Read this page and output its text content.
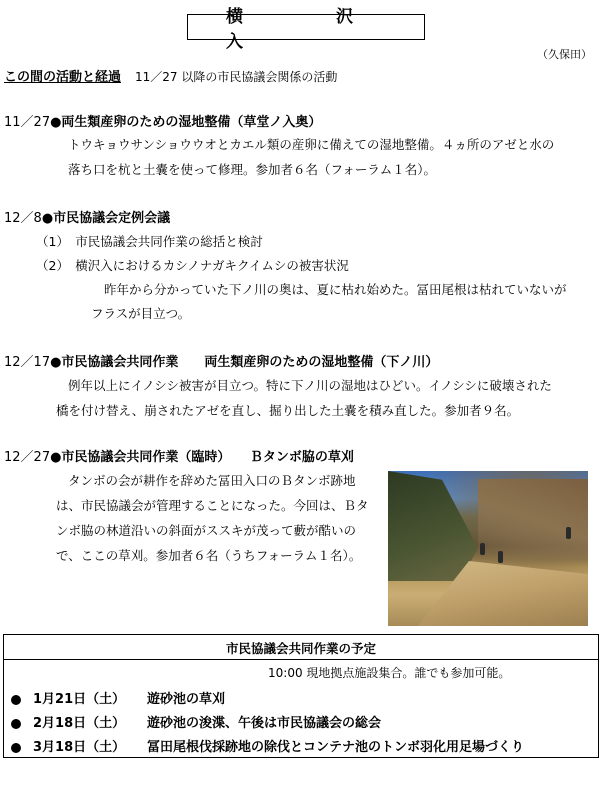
横　沢　入
（久保田）
この間の活動と経過 11／27 以降の市民協議会関係の活動
11／27●両生類産卵のための湿地整備（草堂ノ入奥）
トウキョウサンショウウオとカエル類の産卵に備えての湿地整備。４ヵ所のアゼと水の
落ち口を杭と土嚢を使って修理。参加者６名（フォーラム１名）。
12／8●市民協議会定例会議
（1）　市民協議会共同作業の総括と検討
（2）　横沢入におけるカシノナガキクイムシの被害状況
昨年から分かっていた下ノ川の奥は、夏に枯れ始めた。冨田尾根は枯れていないが
フラスが目立つ。
12／17●市民協議会共同作業　　両生類産卵のための湿地整備（下ノ川）
例年以上にイノシシ被害が目立つ。特に下ノ川の湿地はひどい。イノシシに破壊された
橋を付け替え、崩されたアゼを直し、掘り出した土嚢を積み直した。参加者９名。
12／27●市民協議会共同作業（臨時）　　Ｂタンボ脇の草刈
タンボの会が耕作を辞めた冨田入口のＢタンボ跡地
は、市民協議会が管理することになった。今回は、Ｂタ
ンボ脇の林道沿いの斜面がススキが茂って藪が酷いの
で、ここの草刈。参加者６名（うちフォーラム１名）。
市民協議会共同作業の予定
10:00 現地拠点施設集合。誰でも参加可能。
1月21日（土） 遊砂池の草刈
2月18日（土） 遊砂池の浚渫、午後は市民協議会の総会
3月18日（土） 冨田尾根伐採跡地の除伐とコンテナ池のトンボ羽化用足場づくり
